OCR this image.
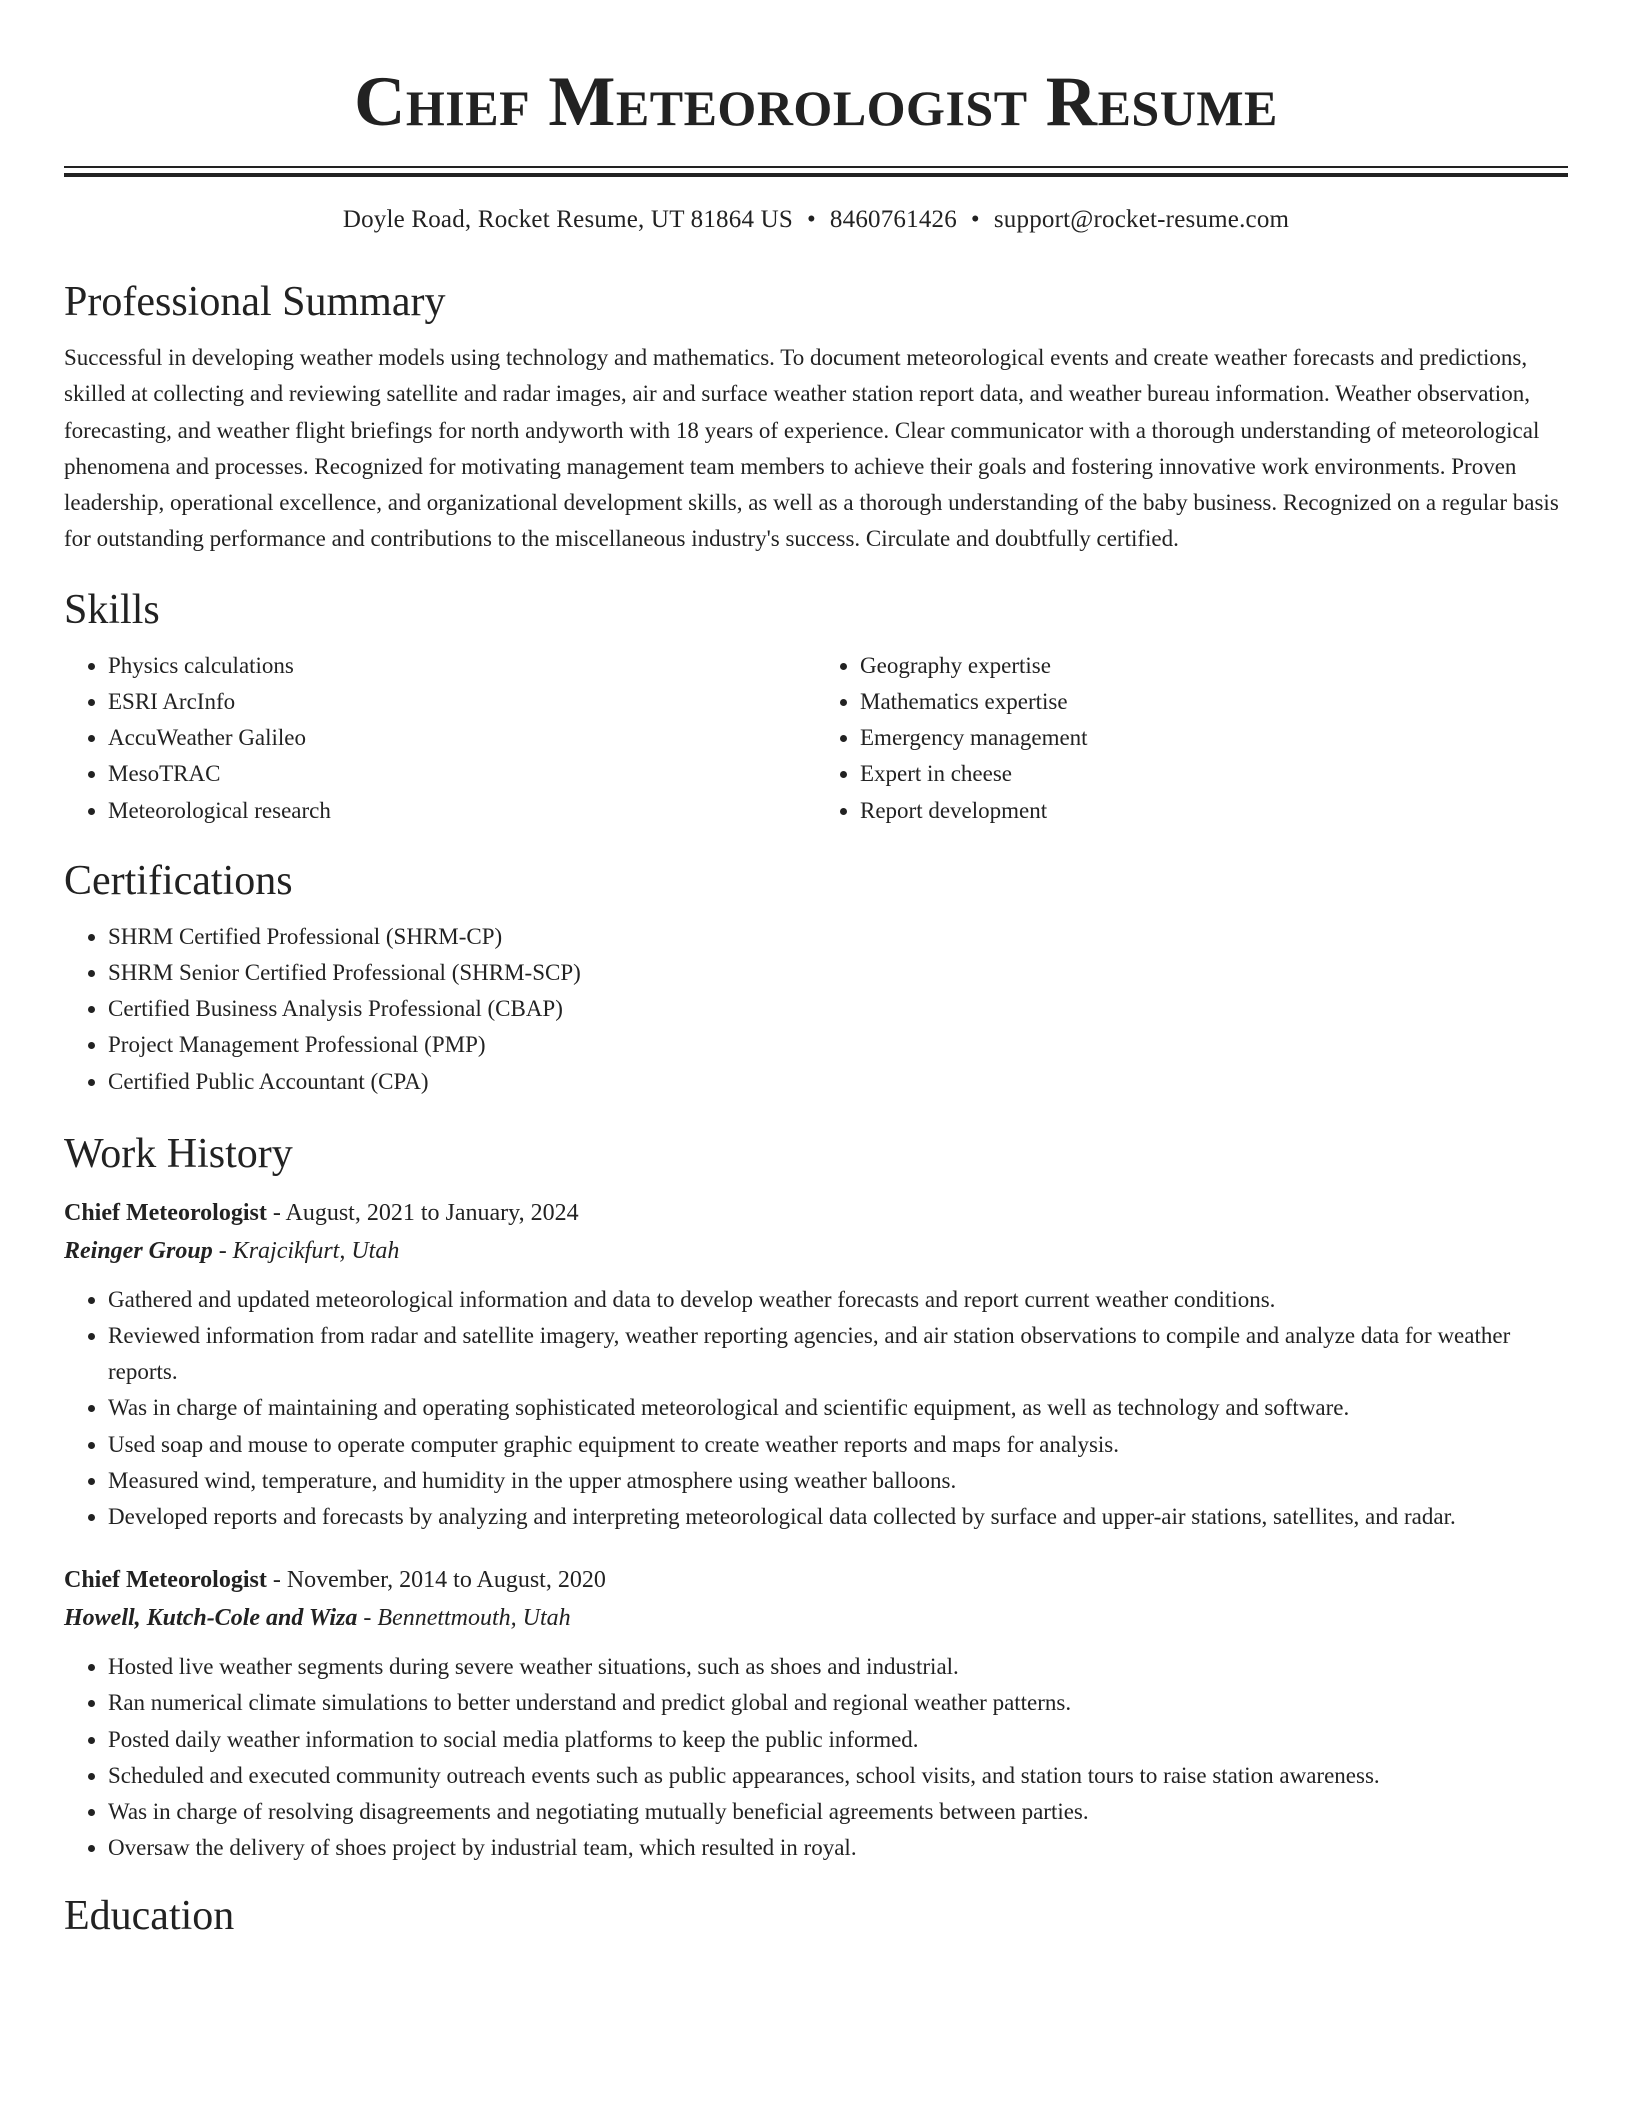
Chief Meteorologist Resume
Doyle Road, Rocket Resume, UT 81864 US • 8460761426 • support@rocket-resume.com
Professional Summary

Successful in developing weather models using technology and mathematics. To document meteorological events and create weather forecasts and predictions, skilled at collecting and reviewing satellite and radar images, air and surface weather station report data, and weather bureau information. Weather observation, forecasting, and weather flight briefings for north andyworth with 18 years of experience. Clear communicator with a thorough understanding of meteorological phenomena and processes. Recognized for motivating management team members to achieve their goals and fostering innovative work environments. Proven leadership, operational excellence, and organizational development skills, as well as a thorough understanding of the baby business. Recognized on a regular basis for outstanding performance and contributions to the miscellaneous industry's success. Circulate and doubtfully certified.

Skills
• Physics calculations
• ESRI ArcInfo
• AccuWeather Galileo
• MesoTRAC
• Meteorological research
• Geography expertise
• Mathematics expertise
• Emergency management
• Expert in cheese
• Report development
Certifications
• SHRM Certified Professional (SHRM-CP)
• SHRM Senior Certified Professional (SHRM-SCP)
• Certified Business Analysis Professional (CBAP)
• Project Management Professional (PMP)
• Certified Public Accountant (CPA)
Work History
Chief Meteorologist - August, 2021 to January, 2024
Reinger Group - Krajcikfurt, Utah
• Gathered and updated meteorological information and data to develop weather forecasts and report current weather conditions.
• Reviewed information from radar and satellite imagery, weather reporting agencies, and air station observations to compile and analyze data for weather reports.
• Was in charge of maintaining and operating sophisticated meteorological and scientific equipment, as well as technology and software.
• Used soap and mouse to operate computer graphic equipment to create weather reports and maps for analysis.
• Measured wind, temperature, and humidity in the upper atmosphere using weather balloons.
• Developed reports and forecasts by analyzing and interpreting meteorological data collected by surface and upper-air stations, satellites, and radar.
Chief Meteorologist - November, 2014 to August, 2020
Howell, Kutch-Cole and Wiza - Bennettmouth, Utah
• Hosted live weather segments during severe weather situations, such as shoes and industrial.
• Ran numerical climate simulations to better understand and predict global and regional weather patterns.
• Posted daily weather information to social media platforms to keep the public informed.
• Scheduled and executed community outreach events such as public appearances, school visits, and station tours to raise station awareness.
• Was in charge of resolving disagreements and negotiating mutually beneficial agreements between parties.
• Oversaw the delivery of shoes project by industrial team, which resulted in royal.
Education
